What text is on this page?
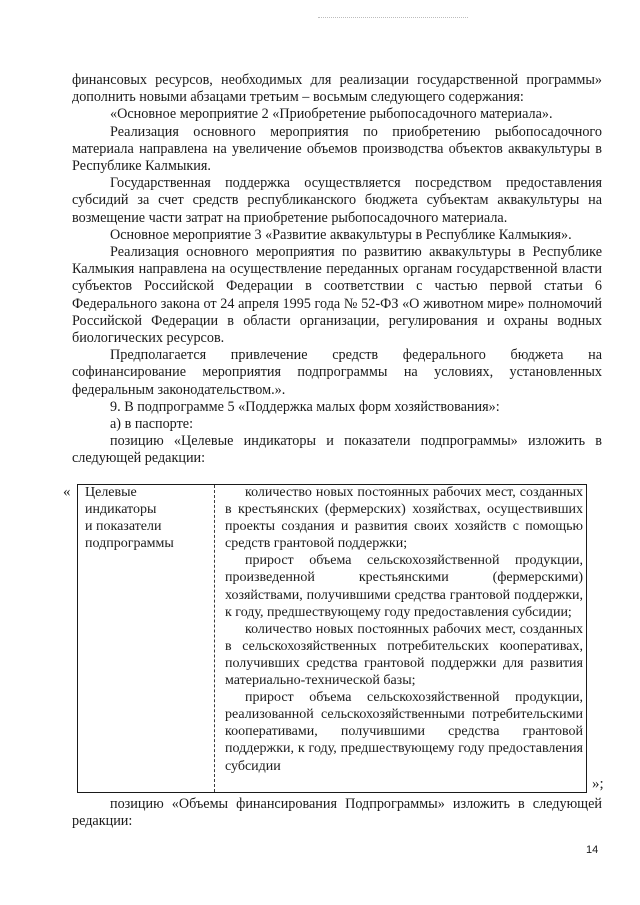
финансовых ресурсов, необходимых для реализации государственной программы» дополнить новыми абзацами третьим – восьмым следующего содержания:

«Основное мероприятие 2 «Приобретение рыбопосадочного материала».

Реализация основного мероприятия по приобретению рыбопосадочного материала направлена на увеличение объемов производства объектов аквакультуры в Республике Калмыкия.

Государственная поддержка осуществляется посредством предоставления субсидий за счет средств республиканского бюджета субъектам аквакультуры на возмещение части затрат на приобретение рыбопосадочного материала.

Основное мероприятие 3 «Развитие аквакультуры в Республике Калмыкия».

Реализация основного мероприятия по развитию аквакультуры в Республике Калмыкия направлена на осуществление переданных органам государственной власти субъектов Российской Федерации в соответствии с частью первой статьи 6 Федерального закона от 24 апреля 1995 года № 52-ФЗ «О животном мире» полномочий Российской Федерации в области организации, регулирования и охраны водных биологических ресурсов.

Предполагается привлечение средств федерального бюджета на софинансирование мероприятия подпрограммы на условиях, установленных федеральным законодательством.».

9. В подпрограмме 5 «Поддержка малых форм хозяйствования»:

а) в паспорте:

позицию «Целевые индикаторы и показатели подпрограммы» изложить в следующей редакции:

« Целевые
индикаторы
и показатели
подпрограммы

количество новых постоянных рабочих мест, созданных в крестьянских (фермерских) хозяйствах, осуществивших проекты создания и развития своих хозяйств с помощью средств грантовой поддержки;

прирост объема сельскохозяйственной продукции, произведенной крестьянскими (фермерскими) хозяйствами, получившими средства грантовой поддержки, к году, предшествующему году предоставления субсидии;

количество новых постоянных рабочих мест, созданных в сельскохозяйственных потребительских кооперативах, получивших средства грантовой поддержки для развития материально-технической базы;

прирост объема сельскохозяйственной продукции, реализованной сельскохозяйственными потребительскими кооперативами, получившими средства грантовой поддержки, к году, предшествующему году предоставления субсидии

»;

позицию «Объемы финансирования Подпрограммы» изложить в следующей редакции:

14
